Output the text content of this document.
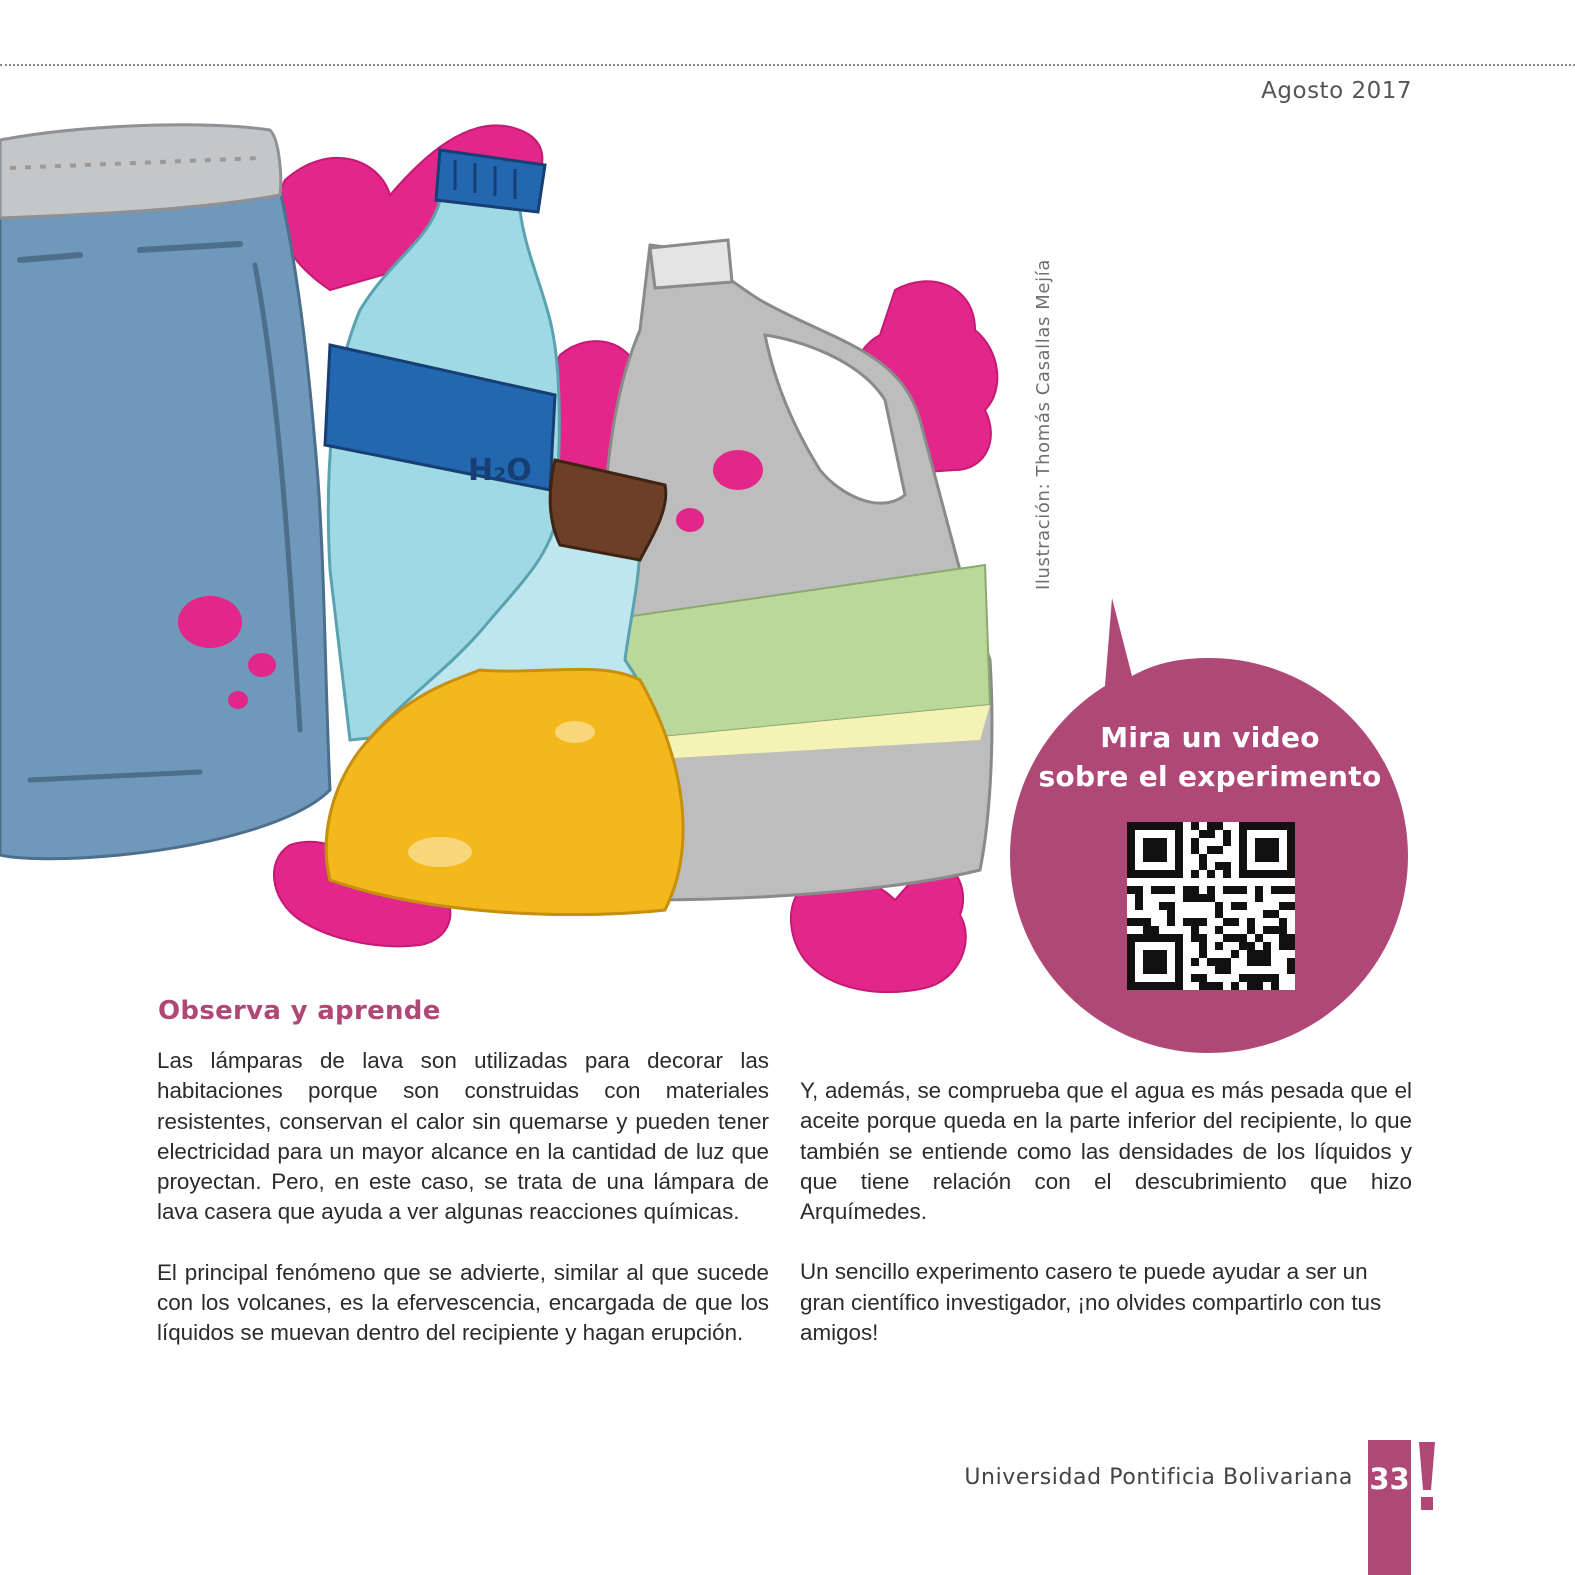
Agosto 2017
H₂O	Ilustración: Thomás Casallas Mejía
Mira un video
sobre el experimento
Observa y aprende

Las lámparas de lava son utilizadas para decorar las habitaciones porque son construidas con materiales resistentes, conservan el calor sin quemarse y pueden tener electricidad para un mayor alcance en la cantidad de luz que proyectan. Pero, en este caso, se trata de una lámpara de lava casera que ayuda a ver algunas reacciones químicas.

El principal fenómeno que se advierte, similar al que sucede con los volcanes, es la efervescencia, encargada de que los líquidos se muevan dentro del recipiente y hagan erupción.

Y, además, se comprueba que el agua es más pesada que el aceite porque queda en la parte inferior del recipiente, lo que también se entiende como las densidades de los líquidos y que tiene relación con el descubrimiento que hizo Arquímedes.

Un sencillo experimento casero te puede ayudar a ser un gran científico investigador, ¡no olvides compartirlo con tus amigos!

Universidad Pontificia Bolivariana 33
